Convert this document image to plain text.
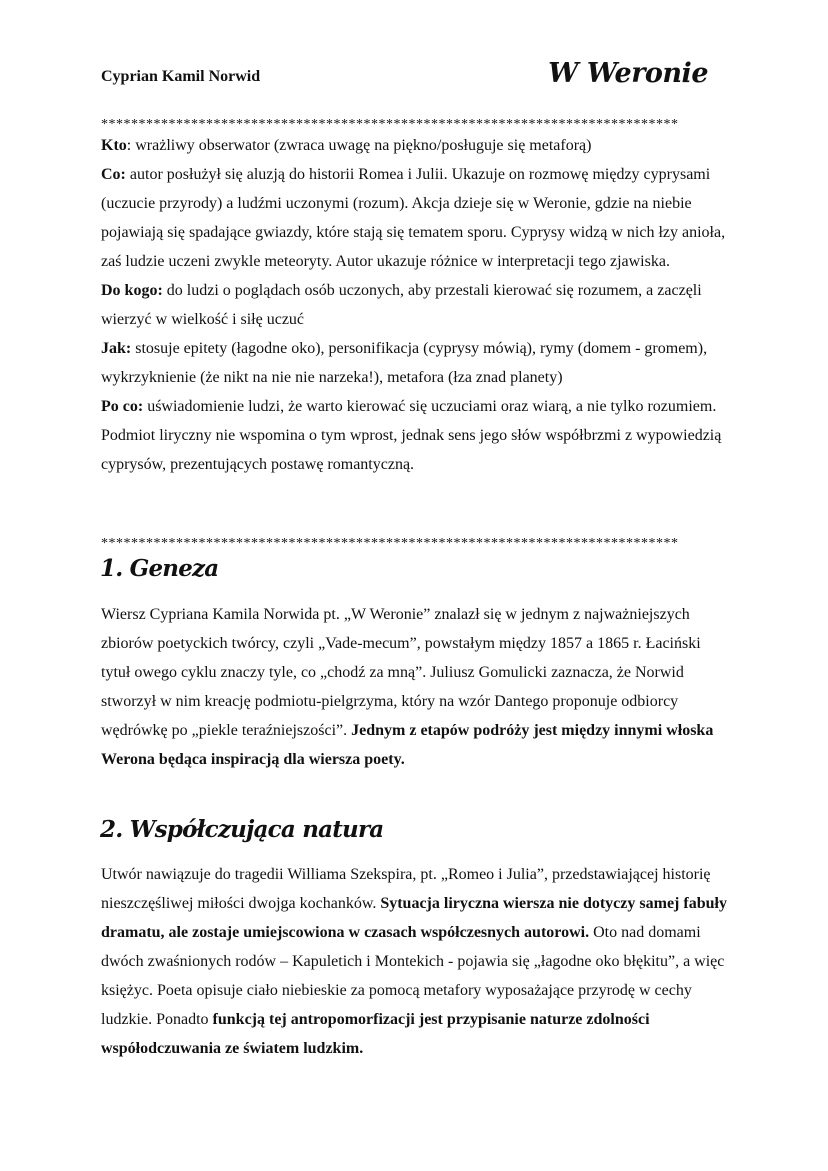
Cyprian Kamil Norwid	W Weronie
*****************************************************************************

Kto: wrażliwy obserwator (zwraca uwagę na piękno/posługuje się metaforą)

Co: autor posłużył się aluzją do historii Romea i Julii. Ukazuje on rozmowę między cyprysami (uczucie przyrody) a ludźmi uczonymi (rozum). Akcja dzieje się w Weronie, gdzie na niebie pojawiają się spadające gwiazdy, które stają się tematem sporu. Cyprysy widzą w nich łzy anioła, zaś ludzie uczeni zwykle meteoryty. Autor ukazuje różnice w interpretacji tego zjawiska.

Do kogo: do ludzi o poglądach osób uczonych, aby przestali kierować się rozumem, a zaczęli wierzyć w wielkość i siłę uczuć

Jak: stosuje epitety (łagodne oko), personifikacja (cyprysy mówią), rymy (domem - gromem), wykrzyknienie (że nikt na nie nie narzeka!), metafora (łza znad planety)

Po co: uświadomienie ludzi, że warto kierować się uczuciami oraz wiarą, a nie tylko rozumiem. Podmiot liryczny nie wspomina o tym wprost, jednak sens jego słów współbrzmi z wypowiedzią cyprysów, prezentujących postawę romantyczną.

*****************************************************************************
1. Geneza

Wiersz Cypriana Kamila Norwida pt. „W Weronie” znalazł się w jednym z najważniejszych zbiorów poetyckich twórcy, czyli „Vade-mecum”, powstałym między 1857 a 1865 r. Łaciński tytuł owego cyklu znaczy tyle, co „chodź za mną”. Juliusz Gomulicki zaznacza, że Norwid stworzył w nim kreację podmiotu-pielgrzyma, który na wzór Dantego proponuje odbiorcy wędrówkę po „piekle teraźniejszości”. Jednym z etapów podróży jest między innymi włoska Werona będąca inspiracją dla wiersza poety.

2. Współczująca natura

Utwór nawiązuje do tragedii Williama Szekspira, pt. „Romeo i Julia”, przedstawiającej historię nieszczęśliwej miłości dwojga kochanków. Sytuacja liryczna wiersza nie dotyczy samej fabuły dramatu, ale zostaje umiejscowiona w czasach współczesnych autorowi. Oto nad domami dwóch zwaśnionych rodów – Kapuletich i Montekich - pojawia się „łagodne oko błękitu”, a więc księżyc. Poeta opisuje ciało niebieskie za pomocą metafory wyposażające przyrodę w cechy ludzkie. Ponadto funkcją tej antropomorfizacji jest przypisanie naturze zdolności współodczuwania ze światem ludzkim.
